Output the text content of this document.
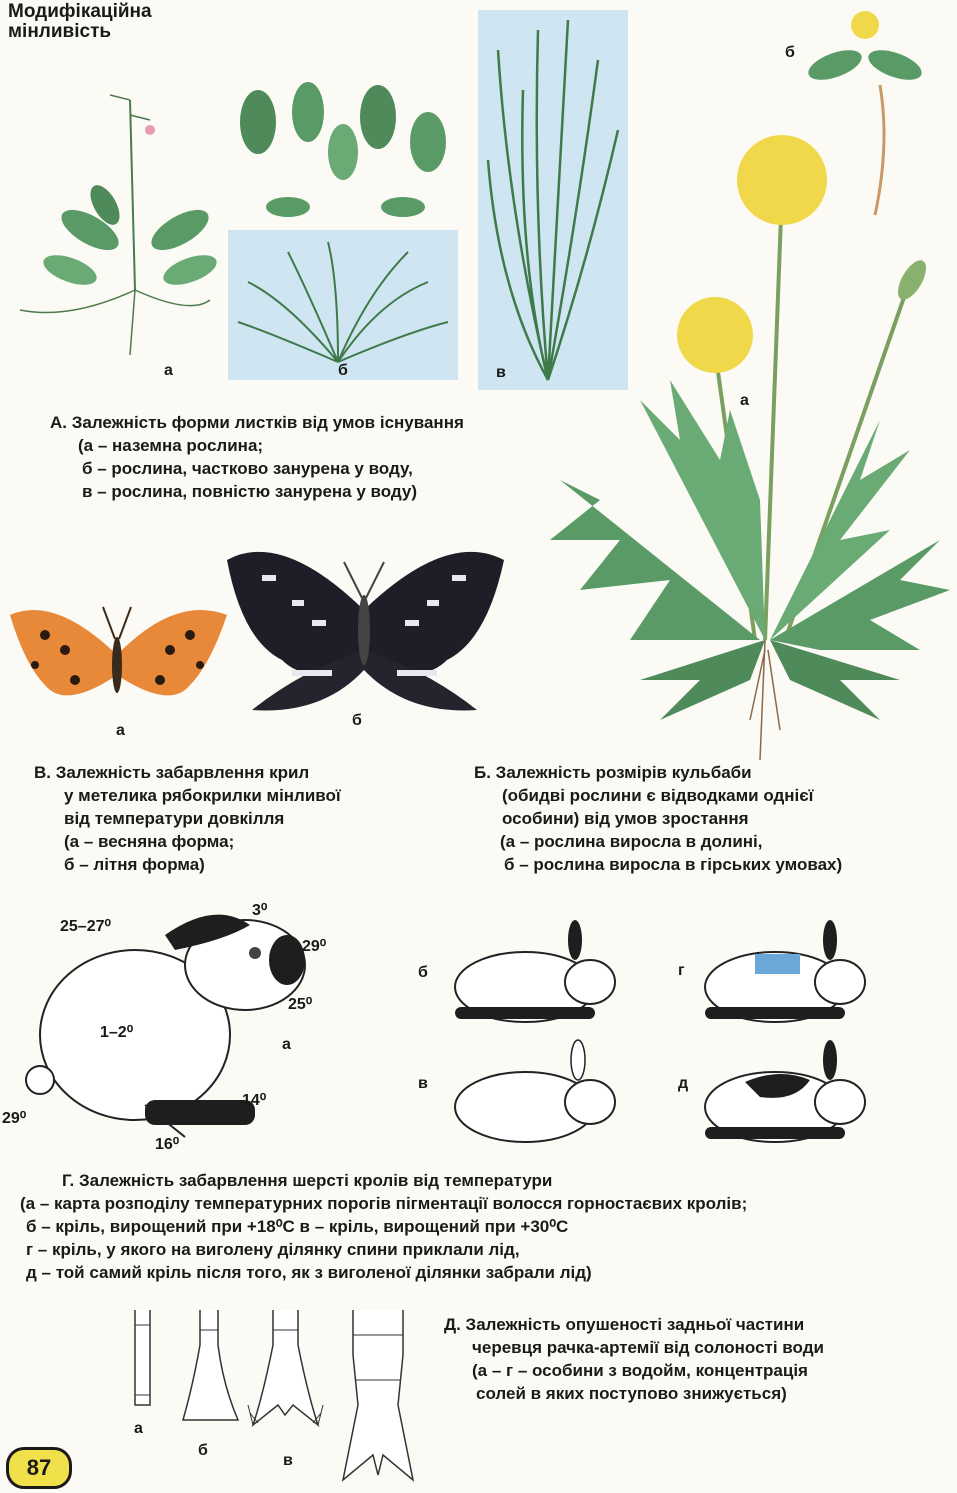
Модифікаційна
мінливість
а	б	в
А. Залежність форми листків від умов існування
(а – наземна рослина;
б – рослина, частково занурена у воду,
в – рослина, повністю занурена у воду)
б
а
а
б
В. Залежність забарвлення крил
у метелика рябокрилки мінливої
від температури довкілля
(а – весняна форма;
б – літня форма)
Б. Залежність розмірів кульбаби
(обидві рослини є відводками однієї
особини) від умов зростання
(а – рослина виросла в долині,
б – рослина виросла в гірських умовах)
25–27⁰
3⁰
29⁰
25⁰
1–2⁰
а
29⁰
14⁰
16⁰
б
в
г
д
Г. Залежність забарвлення шерсті кролів від температури
(а – карта розподілу температурних порогів пігментації волосся горностаєвих кролів;
б – кріль, вирощений при +18⁰С в – кріль, вирощений при +30⁰С
г – кріль, у якого на виголену ділянку спини приклали лід,
д – той самий кріль після того, як з виголеної ділянки забрали лід)
а
б
в
Д. Залежність опушеності задньої частини
черевця рачка-артемії від солоності води
(а – г – особини з водойм, концентрація
солей в яких поступово знижується)
87
